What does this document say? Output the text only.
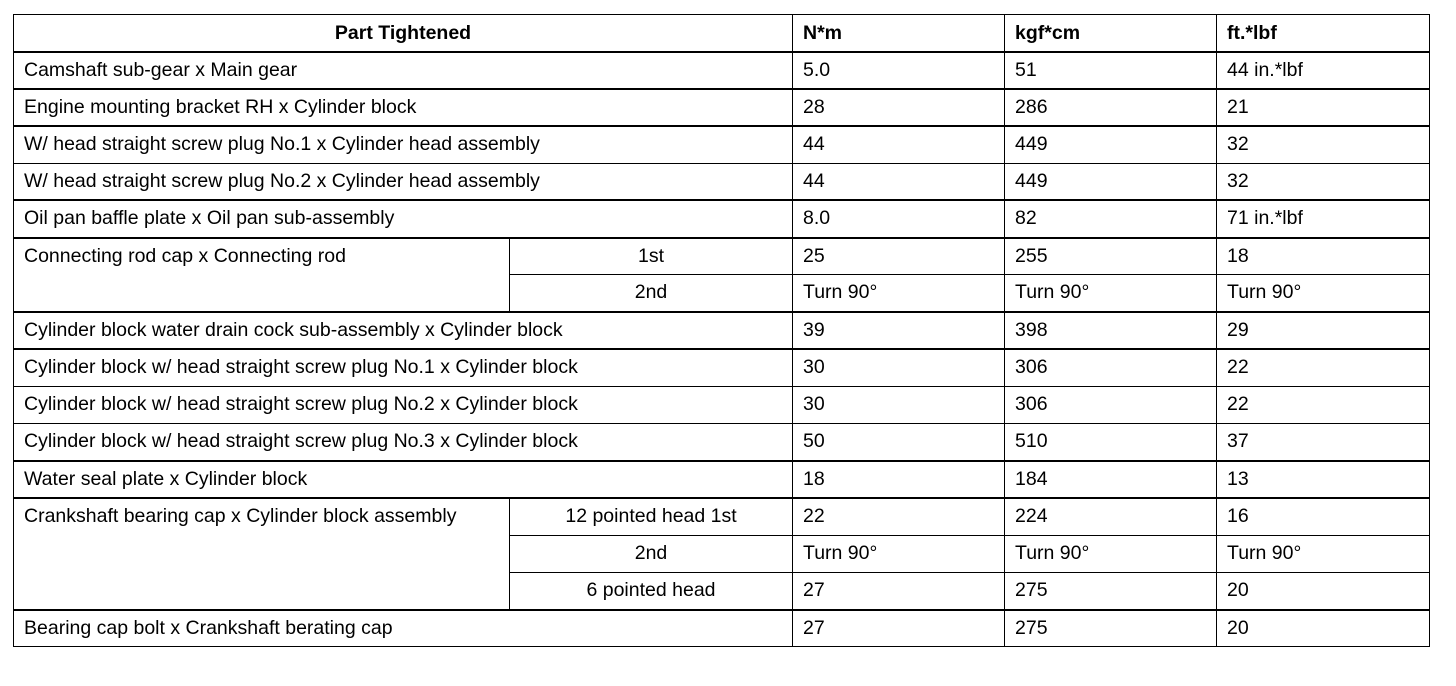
Part Tightened		N*m	kgf*cm	ft.*lbf
Camshaft sub-gear x Main gear		5.0	51	44 in.*lbf
Engine mounting bracket RH x Cylinder block		28	286	21
W/ head straight screw plug No.1 x Cylinder head assembly		44	449	32
W/ head straight screw plug No.2 x Cylinder head assembly		44	449	32
Oil pan baffle plate x Oil pan sub-assembly		8.0	82	71 in.*lbf
Connecting rod cap x Connecting rod	1st	25	255	18
	2nd	Turn 90°	Turn 90°	Turn 90°
Cylinder block water drain cock sub-assembly x Cylinder block		39	398	29
Cylinder block w/ head straight screw plug No.1 x Cylinder block		30	306	22
Cylinder block w/ head straight screw plug No.2 x Cylinder block		30	306	22
Cylinder block w/ head straight screw plug No.3 x Cylinder block		50	510	37
Water seal plate x Cylinder block		18	184	13
Crankshaft bearing cap x Cylinder block assembly	12 pointed head 1st	22	224	16
	2nd	Turn 90°	Turn 90°	Turn 90°
	6 pointed head	27	275	20
Bearing cap bolt x Crankshaft berating cap		27	275	20
